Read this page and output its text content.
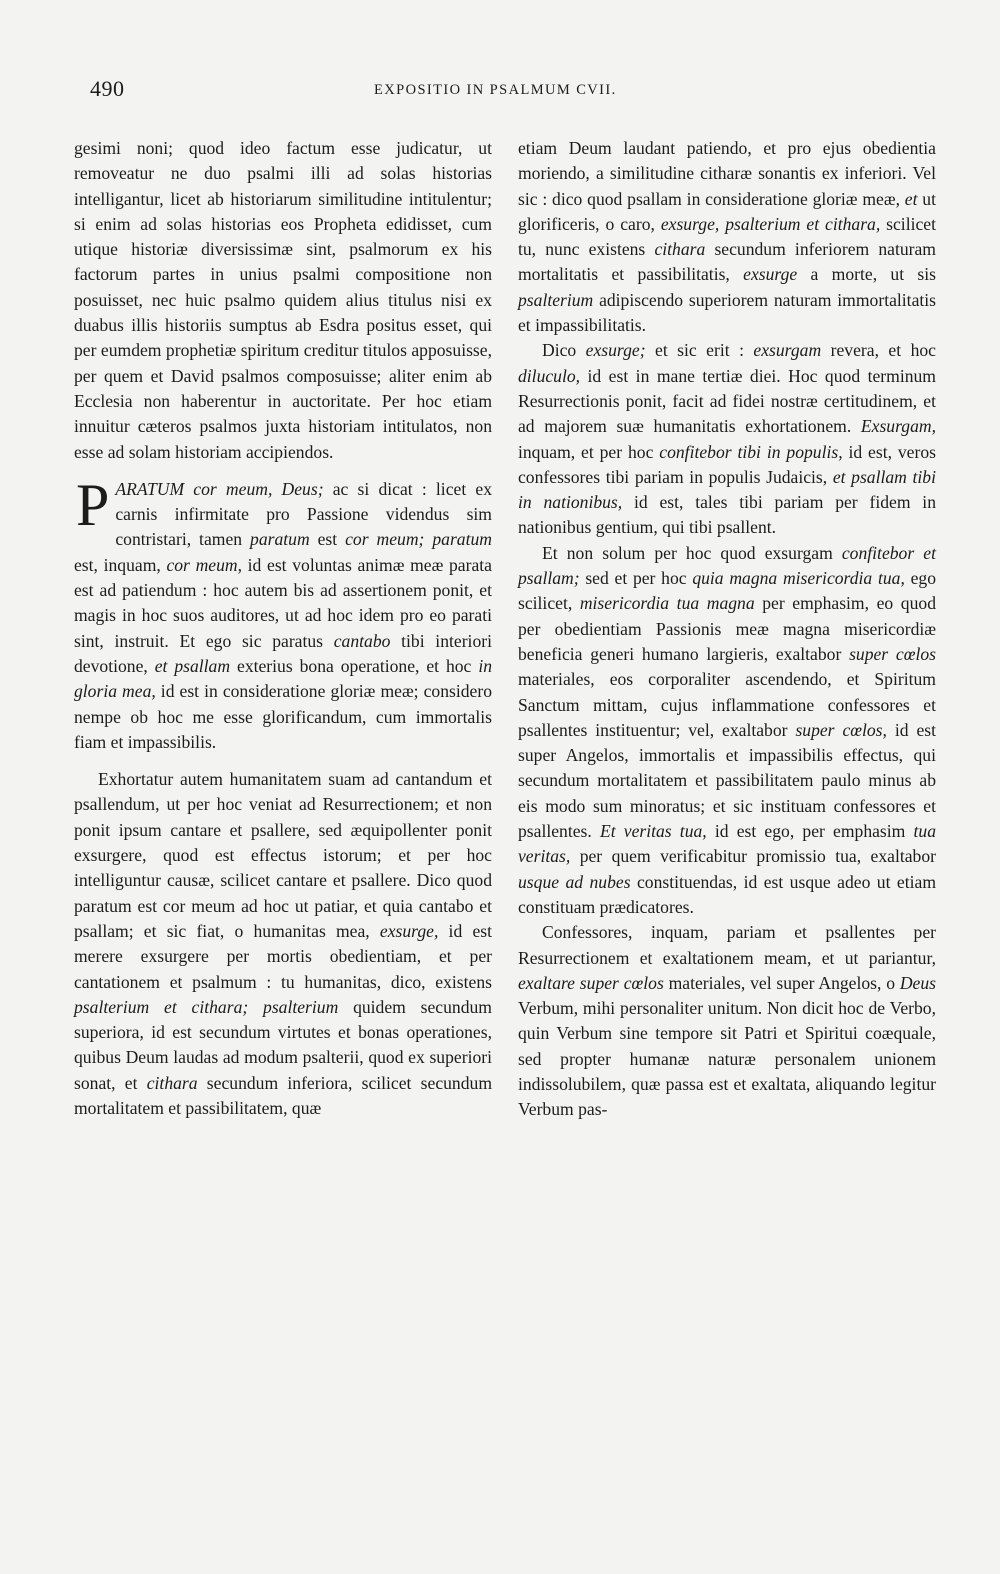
490	EXPOSITIO IN PSALMUM CVII.

gesimi noni; quod ideo factum esse judicatur, ut removeatur ne duo psalmi illi ad solas historias intelligantur, licet ab historiarum similitudine intitulentur; si enim ad solas historias eos Propheta edidisset, cum utique historiæ diversissimæ sint, psalmorum ex his factorum partes in unius psalmi compositione non posuisset, nec huic psalmo quidem alius titulus nisi ex duabus illis historiis sumptus ab Esdra positus esset, qui per eumdem prophetiæ spiritum creditur titulos apposuisse, per quem et David psalmos composuisse; aliter enim ab Ecclesia non haberentur in auctoritate. Per hoc etiam innuitur cæteros psalmos juxta historiam intitulatos, non esse ad solam historiam accipiendos.

PARATUM cor meum, Deus; ac si dicat : licet ex carnis infirmitate pro Passione videndus sim contristari, tamen paratum est cor meum; paratum est, inquam, cor meum, id est voluntas animæ meæ parata est ad patiendum : hoc autem bis ad assertionem ponit, et magis in hoc suos auditores, ut ad hoc idem pro eo parati sint, instruit. Et ego sic paratus cantabo tibi interiori devotione, et psallam exterius bona operatione, et hoc in gloria mea, id est in consideratione gloriæ meæ; considero nempe ob hoc me esse glorificandum, cum immortalis fiam et impassibilis.

Exhortatur autem humanitatem suam ad cantandum et psallendum, ut per hoc veniat ad Resurrectionem; et non ponit ipsum cantare et psallere, sed æquipollenter ponit exsurgere, quod est effectus istorum; et per hoc intelliguntur causæ, scilicet cantare et psallere. Dico quod paratum est cor meum ad hoc ut patiar, et quia cantabo et psallam; et sic fiat, o humanitas mea, exsurge, id est merere exsurgere per mortis obedientiam, et per cantationem et psalmum : tu humanitas, dico, existens psalterium et cithara; psalterium quidem secundum superiora, id est secundum virtutes et bonas operationes, quibus Deum laudas ad modum psalterii, quod ex superiori sonat, et cithara secundum inferiora, scilicet secundum mortalitatem et passibilitatem, quæ

etiam Deum laudant patiendo, et pro ejus obedientia moriendo, a similitudine citharæ sonantis ex inferiori. Vel sic : dico quod psallam in consideratione gloriæ meæ, et ut glorificeris, o caro, exsurge, psalterium et cithara, scilicet tu, nunc existens cithara secundum inferiorem naturam mortalitatis et passibilitatis, exsurge a morte, ut sis psalterium adipiscendo superiorem naturam immortalitatis et impassibilitatis.

Dico exsurge; et sic erit : exsurgam revera, et hoc diluculo, id est in mane tertiæ diei. Hoc quod terminum Resurrectionis ponit, facit ad fidei nostræ certitudinem, et ad majorem suæ humanitatis exhortationem. Exsurgam, inquam, et per hoc confitebor tibi in populis, id est, veros confessores tibi pariam in populis Judaicis, et psallam tibi in nationibus, id est, tales tibi pariam per fidem in nationibus gentium, qui tibi psallent.

Et non solum per hoc quod exsurgam confitebor et psallam; sed et per hoc quia magna misericordia tua, ego scilicet, misericordia tua magna per emphasim, eo quod per obedientiam Passionis meæ magna misericordiæ beneficia generi humano largieris, exaltabor super cœlos materiales, eos corporaliter ascendendo, et Spiritum Sanctum mittam, cujus inflammatione confessores et psallentes instituentur; vel, exaltabor super cœlos, id est super Angelos, immortalis et impassibilis effectus, qui secundum mortalitatem et passibilitatem paulo minus ab eis modo sum minoratus; et sic instituam confessores et psallentes. Et veritas tua, id est ego, per emphasim tua veritas, per quem verificabitur promissio tua, exaltabor usque ad nubes constituendas, id est usque adeo ut etiam constituam prædicatores.

Confessores, inquam, pariam et psallentes per Resurrectionem et exaltationem meam, et ut pariantur, exaltare super cœlos materiales, vel super Angelos, o Deus Verbum, mihi personaliter unitum. Non dicit hoc de Verbo, quin Verbum sine tempore sit Patri et Spiritui coæquale, sed propter humanæ naturæ personalem unionem indissolubilem, quæ passa est et exaltata, aliquando legitur Verbum pas-
